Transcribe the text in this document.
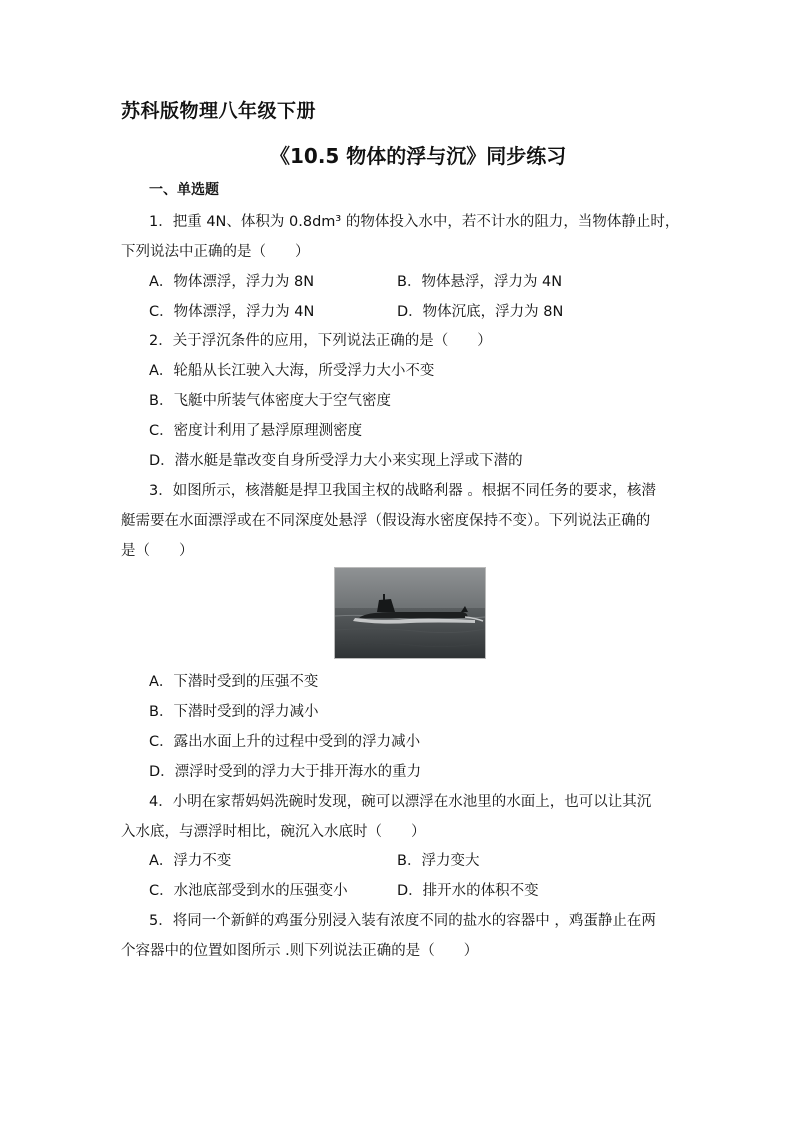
苏科版物理八年级下册
《10.5 物体的浮与沉》同步练习
一、单选题
1．把重 4N、体积为 0.8dm³ 的物体投入水中，若不计水的阻力，当物体静止时，
下列说法中正确的是（　　）
A．物体漂浮，浮力为 8N	B．物体悬浮，浮力为 4N
C．物体漂浮，浮力为 4N	D．物体沉底，浮力为 8N
2．关于浮沉条件的应用，下列说法正确的是（　　）
A．轮船从长江驶入大海，所受浮力大小不变
B．飞艇中所装气体密度大于空气密度
C．密度计利用了悬浮原理测密度
D．潜水艇是靠改变自身所受浮力大小来实现上浮或下潜的
3．如图所示，核潜艇是捍卫我国主权的战略利器 。根据不同任务的要求，核潜
艇需要在水面漂浮或在不同深度处悬浮（假设海水密度保持不变）。下列说法正确的
是（　　）
A．下潜时受到的压强不变
B．下潜时受到的浮力减小
C．露出水面上升的过程中受到的浮力减小
D．漂浮时受到的浮力大于排开海水的重力
4．小明在家帮妈妈洗碗时发现，碗可以漂浮在水池里的水面上，也可以让其沉
入水底，与漂浮时相比，碗沉入水底时（　　）
A．浮力不变	B．浮力变大
C．水池底部受到水的压强变小	D．排开水的体积不变
5．将同一个新鲜的鸡蛋分别浸入装有浓度不同的盐水的容器中 ，鸡蛋静止在两
个容器中的位置如图所示 .则下列说法正确的是（　　）
